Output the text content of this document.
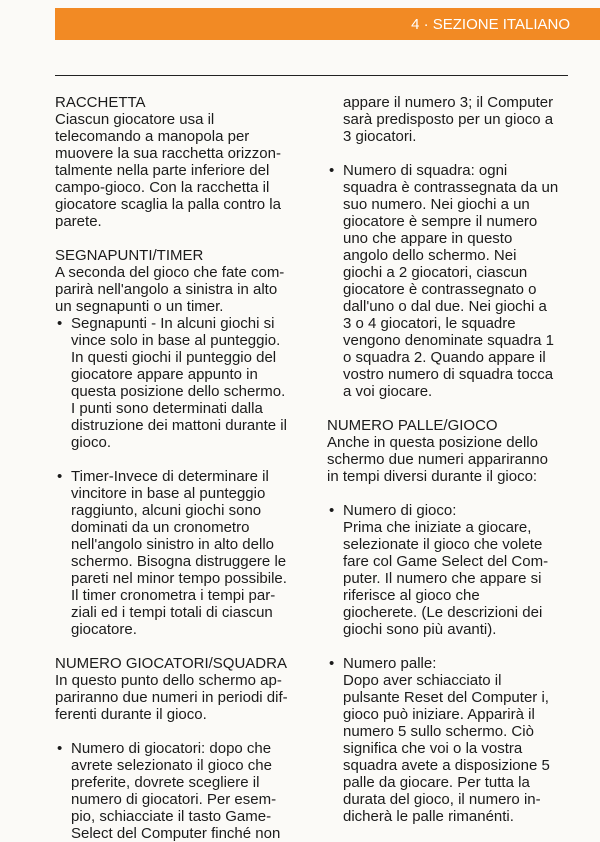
4 · SEZIONE ITALIANO
RACCHETTA

Ciascun giocatore usa il
telecomando a manopola per
muovere la sua racchetta orizzon-
talmente nella parte inferiore del
campo-gioco. Con la racchetta il
giocatore scaglia la palla contro la
parete.

SEGNAPUNTI/TIMER

A seconda del gioco che fate com-
parirà nell'angolo a sinistra in alto
un segnapunti o un timer.

• Segnapunti - In alcuni giochi si
vince solo in base al punteggio.
In questi giochi il punteggio del
giocatore appare appunto in
questa posizione dello schermo.
I punti sono determinati dalla
distruzione dei mattoni durante il
gioco.
• Timer-Invece di determinare il
vincitore in base al punteggio
raggiunto, alcuni giochi sono
dominati da un cronometro
nell'angolo sinistro in alto dello
schermo. Bisogna distruggere le
pareti nel minor tempo possibile.
Il timer cronometra i tempi par-
ziali ed i tempi totali di ciascun
giocatore.
NUMERO GIOCATORI/SQUADRA

In questo punto dello schermo ap-
pariranno due numeri in periodi dif-
ferenti durante il gioco.

• Numero di giocatori: dopo che
avrete selezionato il gioco che
preferite, dovrete scegliere il
numero di giocatori. Per esem-
pio, schiacciate il tasto Game-
Select del Computer finché non
appare il numero 3; il Computer
sarà predisposto per un gioco a
3 giocatori.
• Numero di squadra: ogni
squadra è contrassegnata da un
suo numero. Nei giochi a un
giocatore è sempre il numero
uno che appare in questo
angolo dello schermo. Nei
giochi a 2 giocatori, ciascun
giocatore è contrassegnato o
dall'uno o dal due. Nei giochi a
3 o 4 giocatori, le squadre
vengono denominate squadra 1
o squadra 2. Quando appare il
vostro numero di squadra tocca
a voi giocare.
NUMERO PALLE/GIOCO

Anche in questa posizione dello
schermo due numeri appariranno
in tempi diversi durante il gioco:

• Numero di gioco:
Prima che iniziate a giocare,
selezionate il gioco che volete
fare col Game Select del Com-
puter. Il numero che appare si
riferisce al gioco che
giocherete. (Le descrizioni dei
giochi sono più avanti).
• Numero palle:
Dopo aver schiacciato il
pulsante Reset del Computer i,
gioco può iniziare. Apparirà il
numero 5 sullo schermo. Ciò
significa che voi o la vostra
squadra avete a disposizione 5
palle da giocare. Per tutta la
durata del gioco, il numero in-
dicherà le palle rimanénti.
